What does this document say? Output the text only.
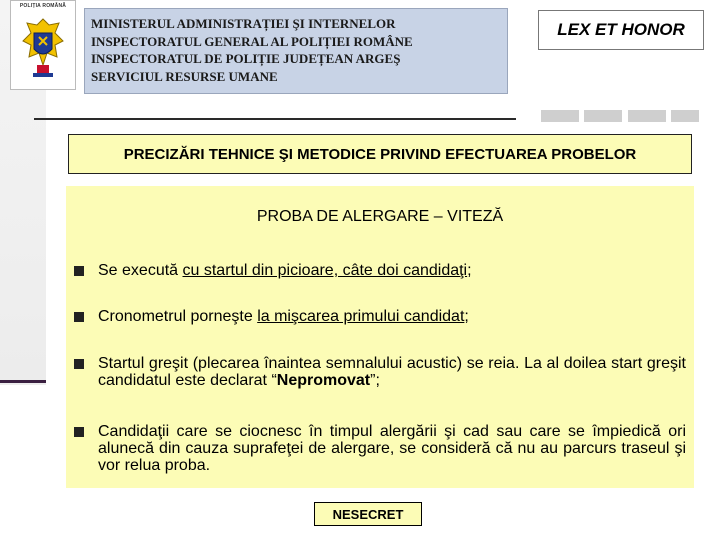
POLIȚIA ROMÂNĂ
MINISTERUL ADMINISTRAȚIEI ŞI INTERNELOR
INSPECTORATUL GENERAL AL POLIȚIEI ROMÂNE
INSPECTORATUL DE POLIȚIE JUDEȚEAN ARGEŞ
SERVICIUL RESURSE UMANE
LEX ET HONOR
PRECIZĂRI TEHNICE ŞI METODICE PRIVIND EFECTUAREA PROBELOR
PROBA DE ALERGARE – VITEZĂ
Se execută cu startul din picioare, câte doi candidaţi;
Cronometrul porneşte la mişcarea primului candidat;
Startul greşit (plecarea înaintea semnalului acustic) se reia. La al doilea start greşit candidatul este declarat “Nepromovat”;
Candidaţii care se ciocnesc în timpul alergării şi cad sau care se împiedică ori alunecă din cauza suprafeţei de alergare, se consideră că nu au parcurs traseul şi vor relua proba.
NESECRET
